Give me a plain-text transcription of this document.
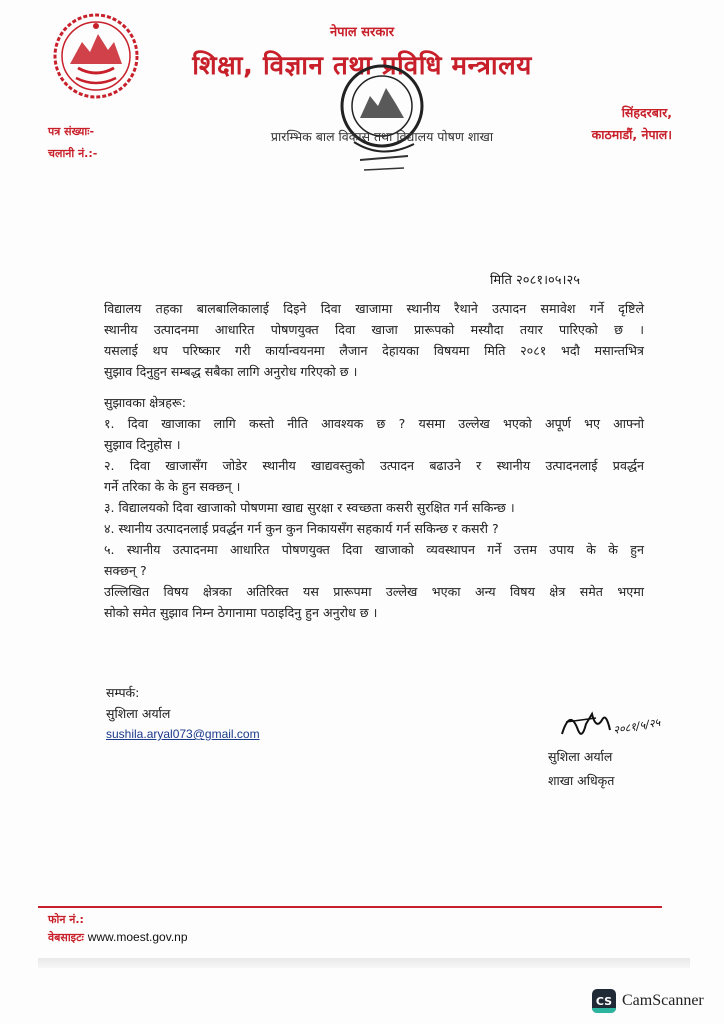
नेपाल सरकार
शिक्षा, विज्ञान तथा प्रविधि मन्त्रालय
प्रारम्भिक बाल विकास तथा विद्यालय पोषण शाखा
पत्र संख्याः-
चलानी नं.:-
सिंहदरबार,
काठमाडौं, नेपाल।
मिति २०८१।०५।२५

विद्यालय तहका बालबालिकालाई दिइने दिवा खाजामा स्थानीय रैथाने उत्पादन समावेश गर्ने दृष्टिले

स्थानीय उत्पादनमा आधारित पोषणयुक्त दिवा खाजा प्रारूपको मस्यौदा तयार पारिएको छ ।

यसलाई थप परिष्कार गरी कार्यान्वयनमा लैजान देहायका विषयमा मिति २०८१ भदौ मसान्तभित्र

सुझाव दिनुहुन सम्बद्ध सबैका लागि अनुरोध गरिएको छ ।

सुझावका क्षेत्रहरू:

१. दिवा खाजाका लागि कस्तो नीति आवश्यक छ ? यसमा उल्लेख भएको अपूर्ण भए आफ्नो

सुझाव दिनुहोस ।

२. दिवा खाजासँग जोडेर स्थानीय खाद्यवस्तुको उत्पादन बढाउने र स्थानीय उत्पादनलाई प्रवर्द्धन

गर्ने तरिका के के हुन सक्छन् ।

३. विद्यालयको दिवा खाजाको पोषणमा खाद्य सुरक्षा र स्वच्छता कसरी सुरक्षित गर्न सकिन्छ ।

४. स्थानीय उत्पादनलाई प्रवर्द्धन गर्न कुन कुन निकायसँग सहकार्य गर्न सकिन्छ र कसरी ?

५. स्थानीय उत्पादनमा आधारित पोषणयुक्त दिवा खाजाको व्यवस्थापन गर्ने उत्तम उपाय के के हुन

सक्छन् ?

उल्लिखित विषय क्षेत्रका अतिरिक्त यस प्रारूपमा उल्लेख भएका अन्य विषय क्षेत्र समेत भएमा

सोको समेत सुझाव निम्न ठेगानामा पठाइदिनु हुन अनुरोध छ ।

सम्पर्क:
सुशिला अर्याल
sushila.aryal073@gmail.com	२०८१/५/२५
सुशिला अर्याल
शाखा अधिकृत
फोन नं.:
वेबसाइटः www.moest.gov.np
CS CamScanner
